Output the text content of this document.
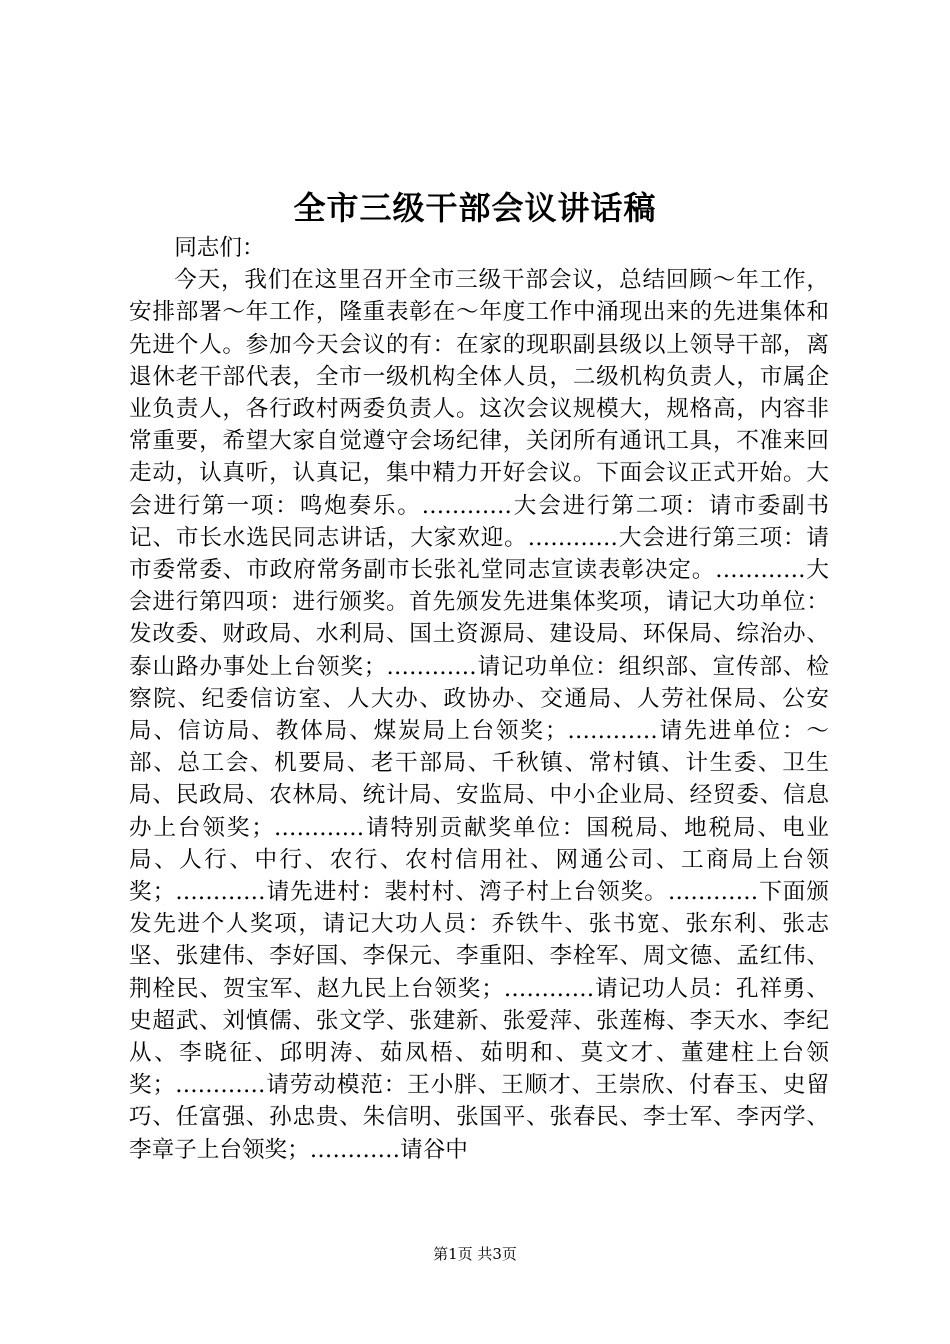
全市三级干部会议讲话稿

同志们：

今天，我们在这里召开全市三级干部会议，总结回顾～年工作，安排部署～年工作，隆重表彰在～年度工作中涌现出来的先进集体和先进个人。参加今天会议的有：在家的现职副县级以上领导干部，离退休老干部代表，全市一级机构全体人员，二级机构负责人，市属企业负责人，各行政村两委负责人。这次会议规模大，规格高，内容非常重要，希望大家自觉遵守会场纪律，关闭所有通讯工具，不准来回走动，认真听，认真记，集中精力开好会议。下面会议正式开始。大会进行第一项：鸣炮奏乐。…………大会进行第二项：请市委副书记、市长水选民同志讲话，大家欢迎。…………大会进行第三项：请市委常委、市政府常务副市长张礼堂同志宣读表彰决定。…………大会进行第四项：进行颁奖。首先颁发先进集体奖项，请记大功单位：发改委、财政局、水利局、国土资源局、建设局、环保局、综治办、泰山路办事处上台领奖；…………请记功单位：组织部、宣传部、检察院、纪委信访室、人大办、政协办、交通局、人劳社保局、公安局、信访局、教体局、煤炭局上台领奖；…………请先进单位：～部、总工会、机要局、老干部局、千秋镇、常村镇、计生委、卫生局、民政局、农林局、统计局、安监局、中小企业局、经贸委、信息办上台领奖；…………请特别贡献奖单位：国税局、地税局、电业局、人行、中行、农行、农村信用社、网通公司、工商局上台领奖；…………请先进村：裴村村、湾子村上台领奖。…………下面颁发先进个人奖项，请记大功人员：乔铁牛、张书宽、张东利、张志坚、张建伟、李好国、李保元、李重阳、李栓军、周文德、孟红伟、荆栓民、贺宝军、赵九民上台领奖；…………请记功人员：孔祥勇、史超武、刘慎儒、张文学、张建新、张爱萍、张莲梅、李天水、李纪从、李晓征、邱明涛、茹凤梧、茹明和、莫文才、董建柱上台领奖；…………请劳动模范：王小胖、王顺才、王崇欣、付春玉、史留巧、任富强、孙忠贵、朱信明、张国平、张春民、李士军、李丙学、李章子上台领奖；…………请谷中

第1页 共3页
